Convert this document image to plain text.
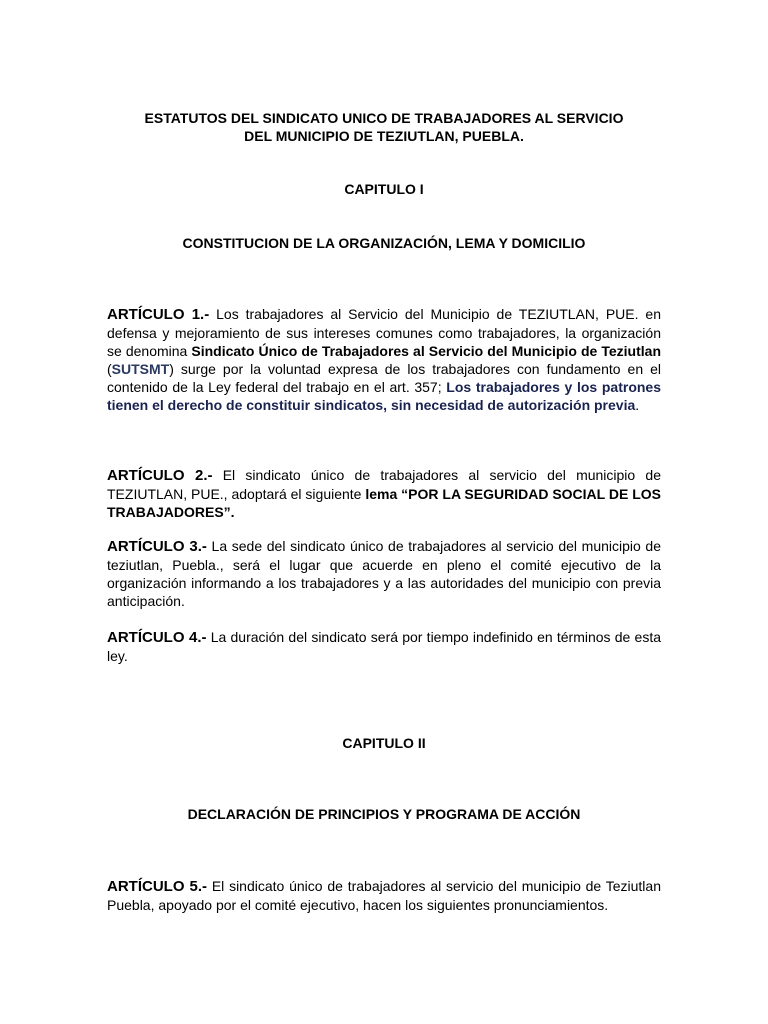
ESTATUTOS DEL SINDICATO UNICO DE TRABAJADORES AL SERVICIO
DEL MUNICIPIO DE TEZIUTLAN, PUEBLA.
CAPITULO I
CONSTITUCION DE LA ORGANIZACIÓN, LEMA Y DOMICILIO
ARTÍCULO 1.- Los trabajadores al Servicio del Municipio de TEZIUTLAN, PUE. en defensa y mejoramiento de sus intereses comunes como trabajadores, la organización se denomina Sindicato Único de Trabajadores al Servicio del Municipio de Teziutlan (SUTSMT) surge por la voluntad expresa de los trabajadores con fundamento en el contenido de la Ley federal del trabajo en el art. 357; Los trabajadores y los patrones tienen el derecho de constituir sindicatos, sin necesidad de autorización previa.
ARTÍCULO 2.- El sindicato único de trabajadores al servicio del municipio de TEZIUTLAN, PUE., adoptará el siguiente lema “POR LA SEGURIDAD SOCIAL DE LOS TRABAJADORES”.
ARTÍCULO 3.- La sede del sindicato único de trabajadores al servicio del municipio de teziutlan, Puebla., será el lugar que acuerde en pleno el comité ejecutivo de la organización informando a los trabajadores y a las autoridades del municipio con previa anticipación.
ARTÍCULO 4.- La duración del sindicato será por tiempo indefinido en términos de esta ley.
CAPITULO II
DECLARACIÓN DE PRINCIPIOS Y PROGRAMA DE ACCIÓN
ARTÍCULO 5.- El sindicato único de trabajadores al servicio del municipio de Teziutlan Puebla, apoyado por el comité ejecutivo, hacen los siguientes pronunciamientos.
